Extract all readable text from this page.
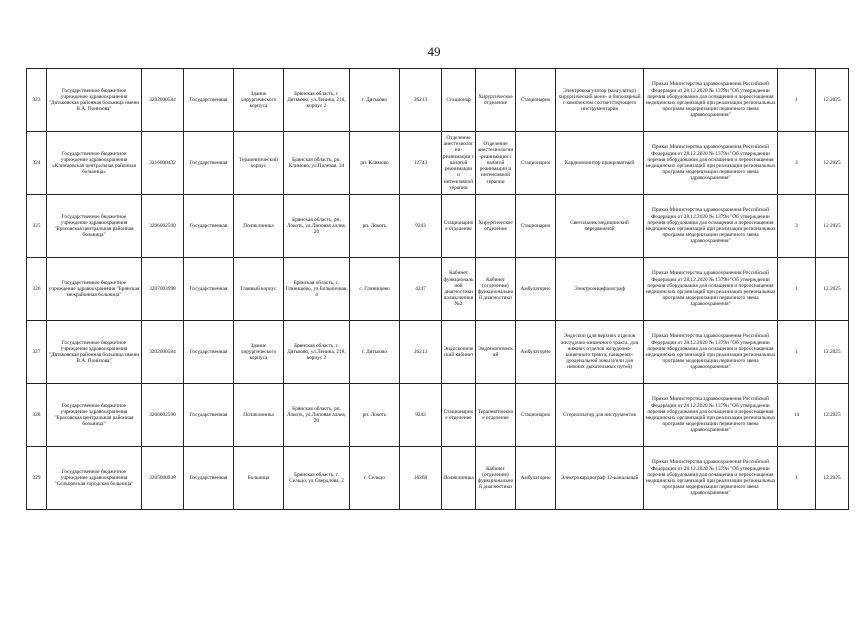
49
323	Государственное бюджетное учреждение здравоохранения "Дятьковская районная больница имени В.А. Понизова"	3202000584	Государственная	Здание хирургического корпуса	Брянская область, г. Дятьково, ул.Ленина, 218, корпус 2	г. Дятьково	26213	Стационар	Хирургическое отделение	Стационарно	Электрокоагулятор (коагулятор) хирургический моно- и биполярный с комплектом соответствующего инструментария	Приказ Министерства здравоохранения Российской Федерации от 28.12.2020 № 1379н "Об утверждении перечня оборудования для оснащения и переоснащения медицинских организаций при реализации региональных программ модернизации первичного звена здравоохранения"	1	12.2025
324	Государственное бюджетное учреждение здравоохранения «Клинцовская центральная районная больница»	3216000432	Государственная	Терапевтический корпус	Брянская область, рп. Климово, ул.Полевая, 34	рп. Климово	12743	Отделение анестезиологии-реанимации с палатой реанимации и интенсивной терапии	Отделение анестезиологии-реанимации с палатой реанимации и интенсивной терапии	Стационарно	Кардиомонитор прикроватный	Приказ Министерства здравоохранения Российской Федерации от 28.12.2020 № 1379н "Об утверждении перечня оборудования для оснащения и переоснащения медицинских организаций при реализации региональных программ модернизации первичного звена здравоохранения"	3	12.2025
325	Государственное бюджетное учреждение здравоохранения "Брасовская центральная районная больница"	3206002590	Государственная	Поликлиника	Брянская область, рп. Локоть, ул.Липовая аллея, 20	рп. Локоть	9243	Стационарное отделение	Хирургическое отделение	Стационарно	Светильник медицинский передвижной	Приказ Министерства здравоохранения Российской Федерации от 28.12.2020 № 1379н "Об утверждении перечня оборудования для оснащения и переоснащения медицинских организаций при реализации региональных программ модернизации первичного звена здравоохранения"	3	12.2025
326	Государственное бюджетное учреждение здравоохранения "Брянская межрайонная больница"	3207003998	Государственная	Главный корпус	Брянская область, с. Глинищево, ул.Больничная, 4	с. Глинищево	4247	Кабинет функциональной диагностики поликлиники №2	Кабинет (отделение) функциональной диагностики	Амбулаторно	Электроэнцефалограф	Приказ Министерства здравоохранения Российской Федерации от 28.12.2020 № 1379н "Об утверждении перечня оборудования для оснащения и переоснащения медицинских организаций при реализации региональных программ модернизации первичного звена здравоохранения"	1	12.2025
327	Государственное бюджетное учреждение здравоохранения "Дятьковская районная больница имени В.А. Понизова"	3202000584	Государственная	Здание хирургического корпуса	Брянская область, г. Дятьково, ул.Ленина, 218, корпус 2	г. Дятьково	26213	Эндоскопический кабинет	Эндоскопический	Амбулаторно	Эндоскоп (для верхних отделов желудочно-кишечного тракта, для нижних отделов желудочно-кишечного тракта, панкреато-дуоденальной зоны и/или для нижних дыхательных путей)	Приказ Министерства здравоохранения Российской Федерации от 28.12.2020 № 1379н "Об утверждении перечня оборудования для оснащения и переоснащения медицинских организаций при реализации региональных программ модернизации первичного звена здравоохранения"	1	12.2025
328	Государственное бюджетное учреждение здравоохранения "Брасовская центральная районная больница"	3206002590	Государственная	Поликлиника	Брянская область, рп. Локоть, ул.Липовая аллея, 20	рп. Локоть	9243	Стационарное отделение	Терапевтическое отделение	Стационарно	Стерилизатор для инструментов	Приказ Министерства здравоохранения Российской Федерации от 28.12.2020 № 1379н "Об утверждении перечня оборудования для оснащения и переоснащения медицинских организаций при реализации региональных программ модернизации первичного звена здравоохранения"	14	12.2025
329	Государственное бюджетное учреждение здравоохранения "Сельцовская городская больница"	3205000938	Государственная	Больница	Брянская область, г. Сельцо, ул.Свердлова, 2	г. Сельцо	16368	Поликлиника	Кабинет (отделение) функциональной диагностики	Амбулаторно	Электрокардиограф 12-канальный	Приказ Министерства здравоохранения Российской Федерации от 28.12.2020 № 1379н "Об утверждении перечня оборудования для оснащения и переоснащения медицинских организаций при реализации региональных программ модернизации первичного звена здравоохранения"	1	12.2025
